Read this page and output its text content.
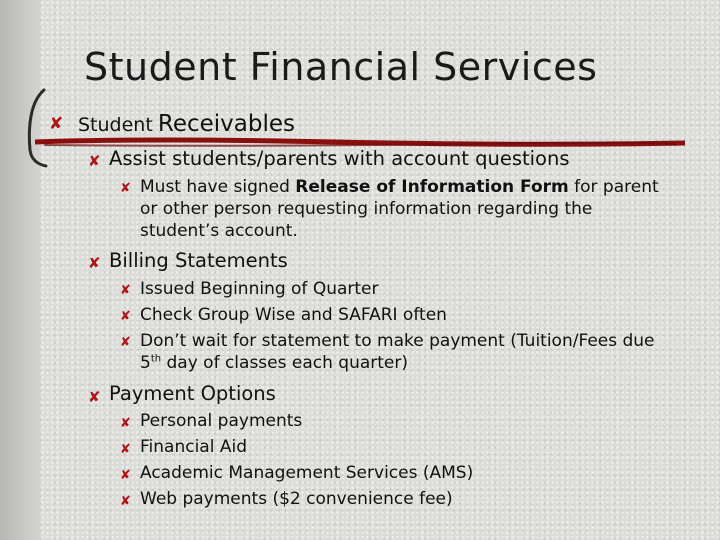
Student Financial Services
✘ Student Receivables
✘ Assist students/parents with account questions
✘ Must have signed Release of Information Form for parent
or other person requesting information regarding the
student’s account.
✘ Billing Statements
✘ Issued Beginning of Quarter
✘ Check Group Wise and SAFARI often
✘ Don’t wait for statement to make payment (Tuition/Fees due
5th day of classes each quarter)
✘ Payment Options
✘ Personal payments
✘ Financial Aid
✘ Academic Management Services (AMS)
✘ Web payments ($2 convenience fee)
